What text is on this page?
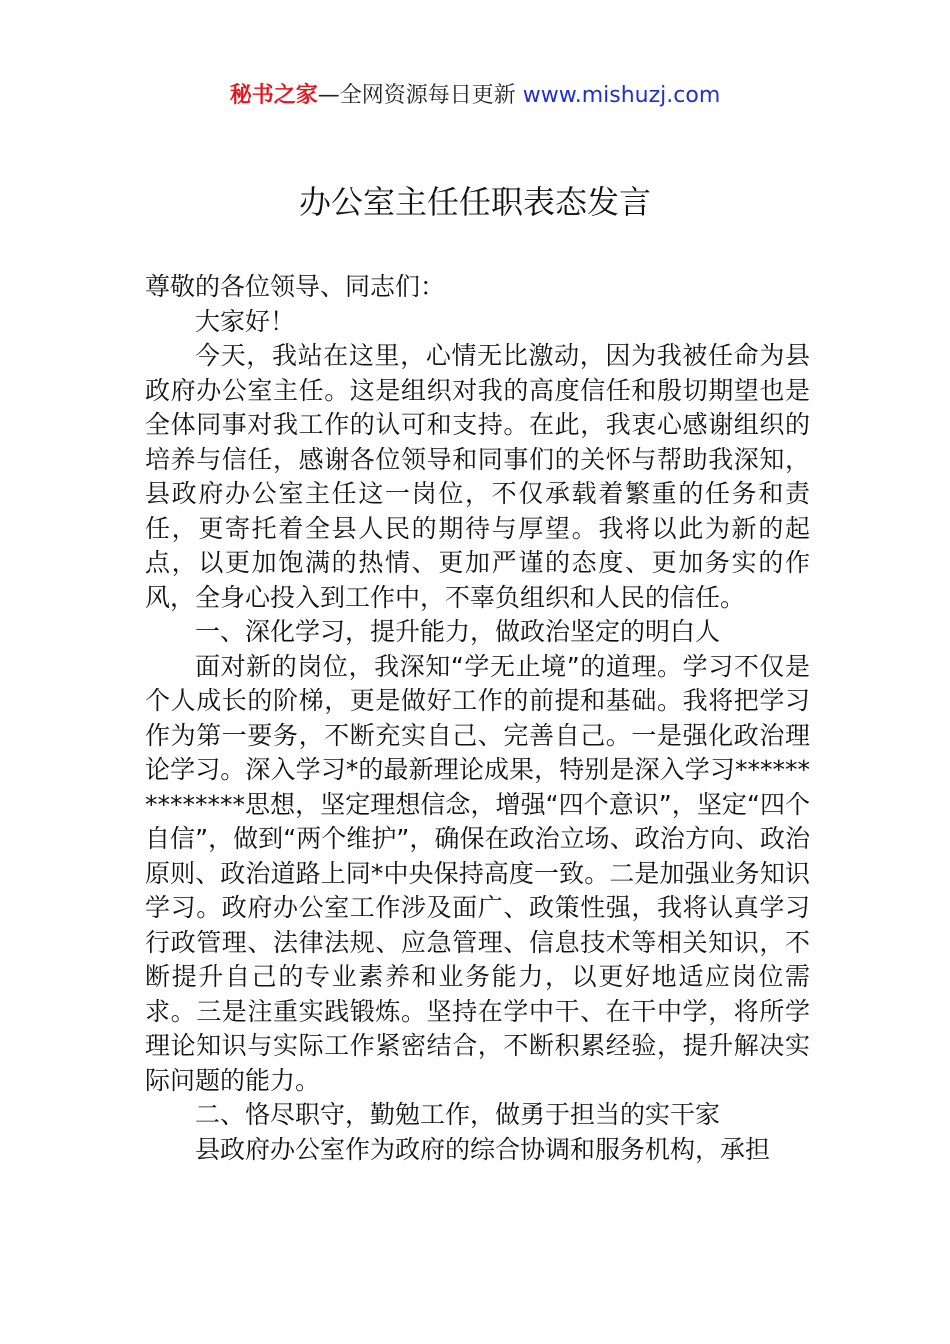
秘书之家—全网资源每日更新 www.mishuzj.com
办公室主任任职表态发言

尊敬的各位领导、同志们：

大家好！

今天，我站在这里，心情无比激动，因为我被任命为县政府办公室主任。这是组织对我的高度信任和殷切期望也是全体同事对我工作的认可和支持。在此，我衷心感谢组织的培养与信任，感谢各位领导和同事们的关怀与帮助我深知，县政府办公室主任这一岗位，不仅承载着繁重的任务和责任，更寄托着全县人民的期待与厚望。我将以此为新的起点，以更加饱满的热情、更加严谨的态度、更加务实的作风，全身心投入到工作中，不辜负组织和人民的信任。

一、深化学习，提升能力，做政治坚定的明白人

面对新的岗位，我深知“学无止境”的道理。学习不仅是个人成长的阶梯，更是做好工作的前提和基础。我将把学习作为第一要务，不断充实自己、完善自己。一是强化政治理论学习。深入学习*的最新理论成果，特别是深入学习**************思想，坚定理想信念，增强“四个意识”，坚定“四个自信”，做到“两个维护”，确保在政治立场、政治方向、政治原则、政治道路上同*中央保持高度一致。二是加强业务知识学习。政府办公室工作涉及面广、政策性强，我将认真学习行政管理、法律法规、应急管理、信息技术等相关知识，不断提升自己的专业素养和业务能力，以更好地适应岗位需求。三是注重实践锻炼。坚持在学中干、在干中学，将所学理论知识与实际工作紧密结合，不断积累经验，提升解决实际问题的能力。

二、恪尽职守，勤勉工作，做勇于担当的实干家

县政府办公室作为政府的综合协调和服务机构，承担
